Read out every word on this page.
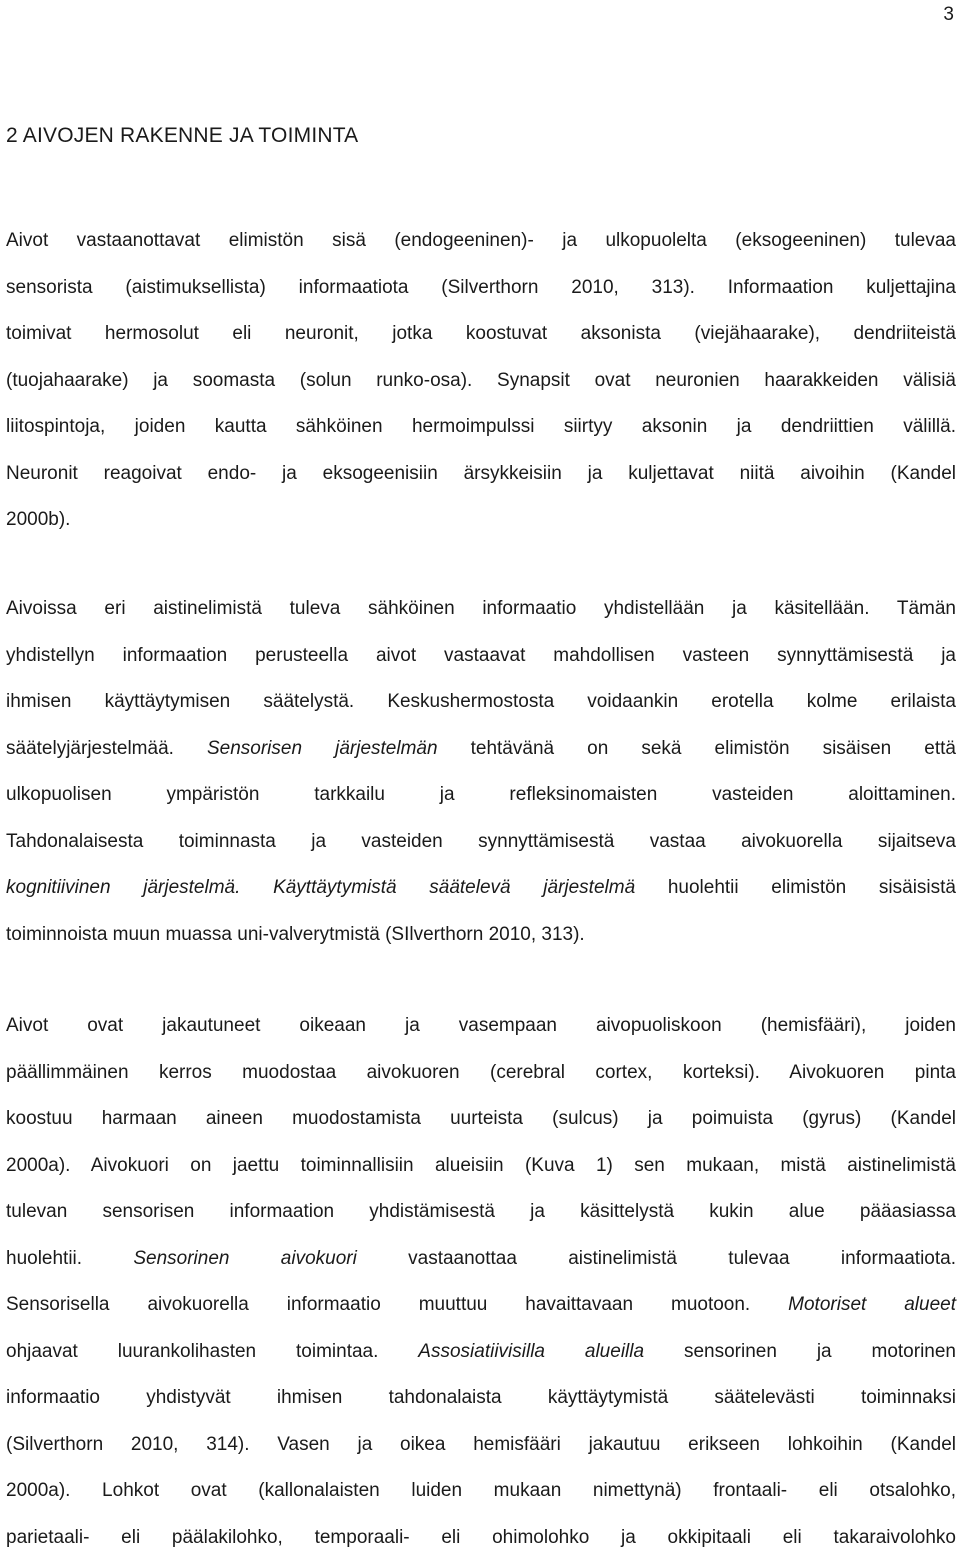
3
2 AIVOJEN RAKENNE JA TOIMINTA

Aivot vastaanottavat elimistön sisä (endogeeninen)- ja ulkopuolelta (eksogeeninen) tulevaa
sensorista (aistimuksellista) informaatiota (Silverthorn 2010, 313). Informaation kuljettajina
toimivat hermosolut eli neuronit, jotka koostuvat aksonista (viejähaarake), dendriiteistä
(tuojahaarake) ja soomasta (solun runko-osa). Synapsit ovat neuronien haarakkeiden välisiä
liitospintoja, joiden kautta sähköinen hermoimpulssi siirtyy aksonin ja dendriittien välillä.
Neuronit reagoivat endo- ja eksogeenisiin ärsykkeisiin ja kuljettavat niitä aivoihin (Kandel
2000b).

Aivoissa eri aistinelimistä tuleva sähköinen informaatio yhdistellään ja käsitellään. Tämän
yhdistellyn informaation perusteella aivot vastaavat mahdollisen vasteen synnyttämisestä ja
ihmisen käyttäytymisen säätelystä. Keskushermostosta voidaankin erotella kolme erilaista
säätelyjärjestelmää. Sensorisen järjestelmän tehtävänä on sekä elimistön sisäisen että
ulkopuolisen ympäristön tarkkailu ja refleksinomaisten vasteiden aloittaminen.
Tahdonalaisesta toiminnasta ja vasteiden synnyttämisestä vastaa aivokuorella sijaitseva
kognitiivinen järjestelmä. Käyttäytymistä säätelevä järjestelmä huolehtii elimistön sisäisistä
toiminnoista muun muassa uni-valverytmistä (SIlverthorn 2010, 313).

Aivot ovat jakautuneet oikeaan ja vasempaan aivopuoliskoon (hemisfääri), joiden
päällimmäinen kerros muodostaa aivokuoren (cerebral cortex, korteksi). Aivokuoren pinta
koostuu harmaan aineen muodostamista uurteista (sulcus) ja poimuista (gyrus) (Kandel
2000a). Aivokuori on jaettu toiminnallisiin alueisiin (Kuva 1) sen mukaan, mistä aistinelimistä
tulevan sensorisen informaation yhdistämisestä ja käsittelystä kukin alue pääasiassa
huolehtii. Sensorinen aivokuori vastaanottaa aistinelimistä tulevaa informaatiota.
Sensorisella aivokuorella informaatio muuttuu havaittavaan muotoon. Motoriset alueet
ohjaavat luurankolihasten toimintaa. Assosiatiivisilla alueilla sensorinen ja motorinen
informaatio yhdistyvät ihmisen tahdonalaista käyttäytymistä säätelevästi toiminnaksi
(Silverthorn 2010, 314). Vasen ja oikea hemisfääri jakautuu erikseen lohkoihin (Kandel
2000a). Lohkot ovat (kallonalaisten luiden mukaan nimettynä) frontaali- eli otsalohko,
parietaali- eli päälakilohko, temporaali- eli ohimolohko ja okkipitaali eli takaraivolohko
